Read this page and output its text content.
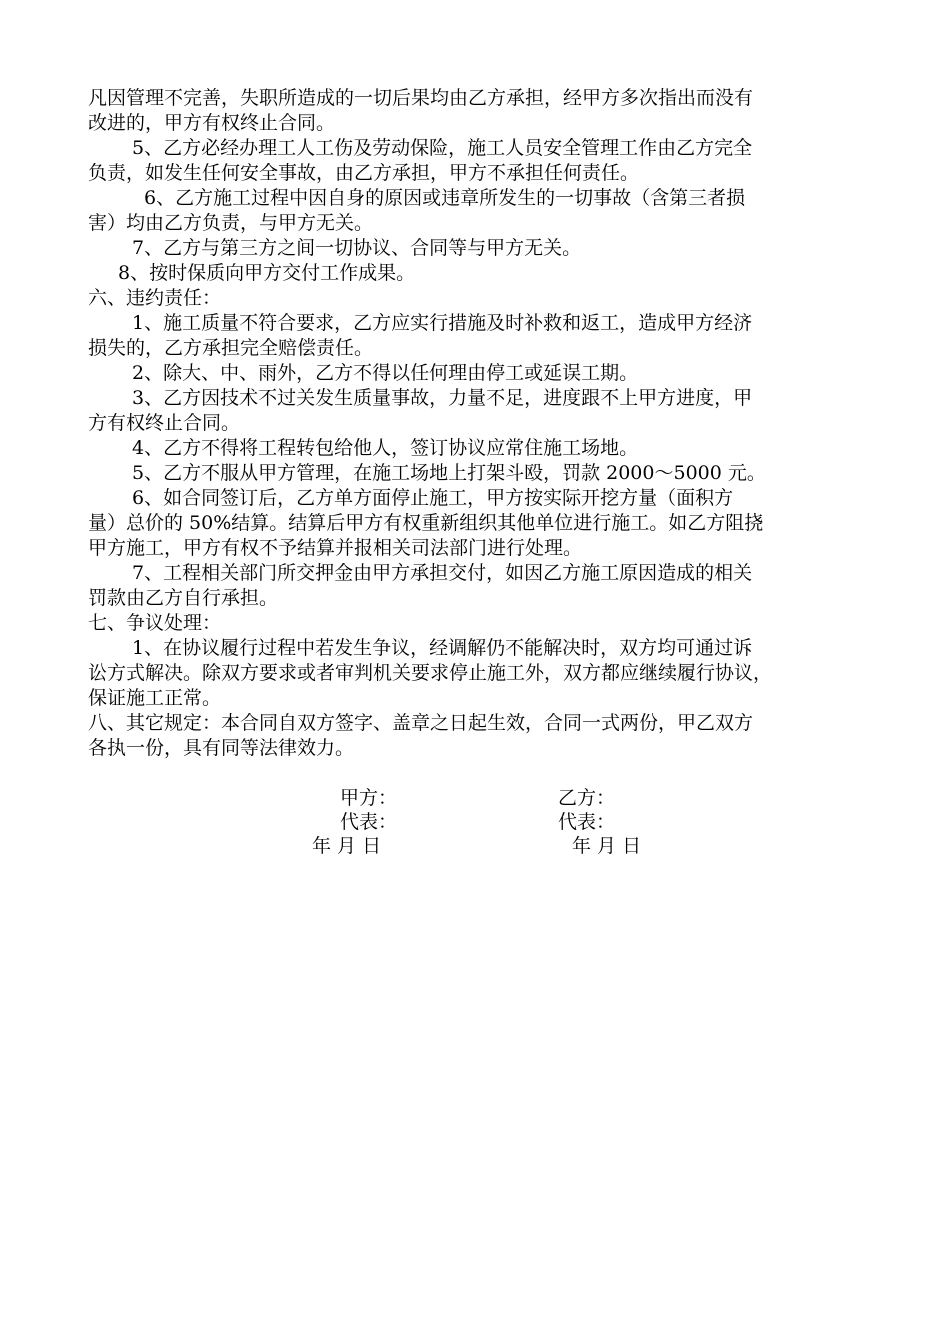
凡因管理不完善，失职所造成的一切后果均由乙方承担，经甲方多次指出而没有
改进的，甲方有权终止合同。
5、乙方必经办理工人工伤及劳动保险，施工人员安全管理工作由乙方完全
负责，如发生任何安全事故，由乙方承担，甲方不承担任何责任。
6、乙方施工过程中因自身的原因或违章所发生的一切事故（含第三者损
害）均由乙方负责，与甲方无关。
7、乙方与第三方之间一切协议、合同等与甲方无关。
8、按时保质向甲方交付工作成果。
六、违约责任：
1、施工质量不符合要求，乙方应实行措施及时补救和返工，造成甲方经济
损失的，乙方承担完全赔偿责任。
2、除大、中、雨外，乙方不得以任何理由停工或延误工期。
3、乙方因技术不过关发生质量事故，力量不足，进度跟不上甲方进度，甲
方有权终止合同。
4、乙方不得将工程转包给他人，签订协议应常住施工场地。
5、乙方不服从甲方管理，在施工场地上打架斗殴，罚款 2000～5000 元。
6、如合同签订后，乙方单方面停止施工，甲方按实际开挖方量（面积方
量）总价的 50%结算。结算后甲方有权重新组织其他单位进行施工。如乙方阻挠
甲方施工，甲方有权不予结算并报相关司法部门进行处理。
7、工程相关部门所交押金由甲方承担交付，如因乙方施工原因造成的相关
罚款由乙方自行承担。
七、争议处理：
1、在协议履行过程中若发生争议，经调解仍不能解决时，双方均可通过诉
讼方式解决。除双方要求或者审判机关要求停止施工外，双方都应继续履行协议，
保证施工正常。
八、其它规定：本合同自双方签字、盖章之日起生效，合同一式两份，甲乙双方
各执一份，具有同等法律效力。
甲方：
代表：
年 月 日
乙方：
代表：
年 月 日
